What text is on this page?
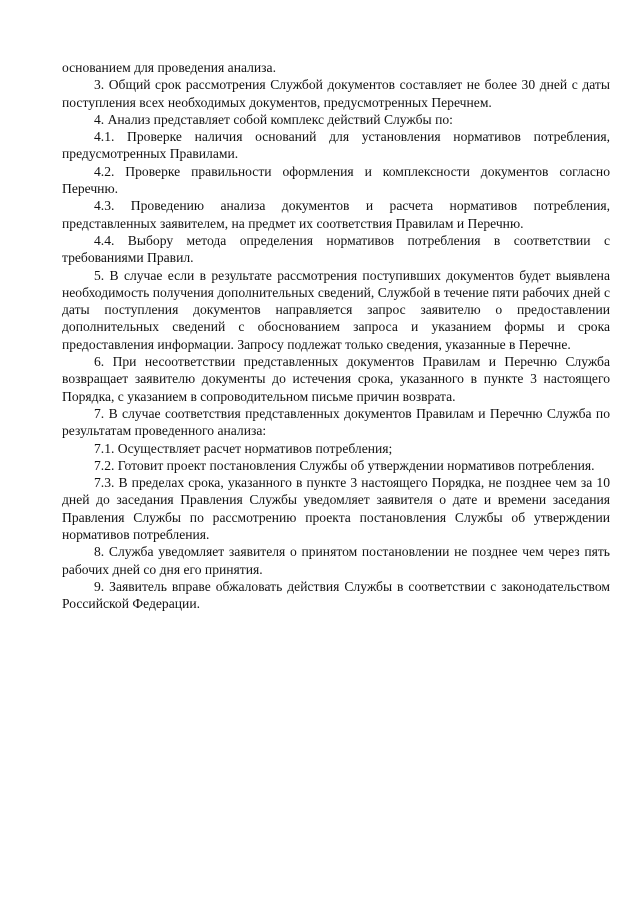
основанием для проведения анализа.

3. Общий срок рассмотрения Службой документов составляет не более 30 дней с даты поступления всех необходимых документов, предусмотренных Перечнем.

4. Анализ представляет собой комплекс действий Службы по:

4.1. Проверке наличия оснований для установления нормативов потребления, предусмотренных Правилами.

4.2. Проверке правильности оформления и комплексности документов согласно Перечню.

4.3. Проведению анализа документов и расчета нормативов потребления, представленных заявителем, на предмет их соответствия Правилам и Перечню.

4.4. Выбору метода определения нормативов потребления в соответствии с требованиями Правил.

5. В случае если в результате рассмотрения поступивших документов будет выявлена необходимость получения дополнительных сведений, Службой в течение пяти рабочих дней с даты поступления документов направляется запрос заявителю о предоставлении дополнительных сведений с обоснованием запроса и указанием формы и срока предоставления информации. Запросу подлежат только сведения, указанные в Перечне.

6. При несоответствии представленных документов Правилам и Перечню Служба возвращает заявителю документы до истечения срока, указанного в пункте 3 настоящего Порядка, с указанием в сопроводительном письме причин возврата.

7. В случае соответствия представленных документов Правилам и Перечню Служба по результатам проведенного анализа:

7.1. Осуществляет расчет нормативов потребления;

7.2. Готовит проект постановления Службы об утверждении нормативов потребления.

7.3. В пределах срока, указанного в пункте 3 настоящего Порядка, не позднее чем за 10 дней до заседания Правления Службы уведомляет заявителя о дате и времени заседания Правления Службы по рассмотрению проекта постановления Службы об утверждении нормативов потребления.

8. Служба уведомляет заявителя о принятом постановлении не позднее чем через пять рабочих дней со дня его принятия.

9. Заявитель вправе обжаловать действия Службы в соответствии с законодательством Российской Федерации.
